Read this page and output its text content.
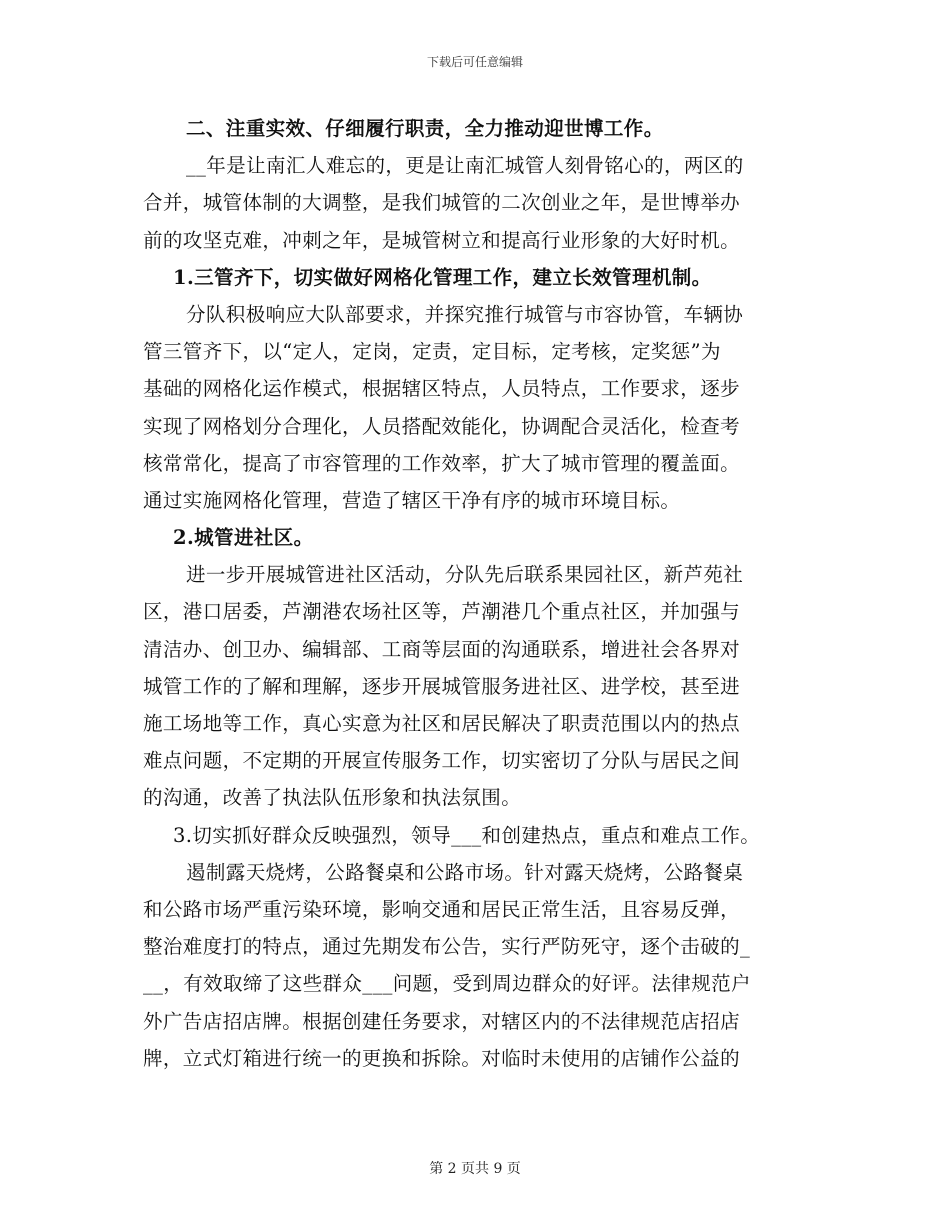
下载后可任意编辑
二、注重实效、仔细履行职责，全力推动迎世博工作。
__年是让南汇人难忘的，更是让南汇城管人刻骨铭心的，两区的
合并，城管体制的大调整，是我们城管的二次创业之年，是世博举办
前的攻坚克难，冲刺之年，是城管树立和提高行业形象的大好时机。
1.三管齐下，切实做好网格化管理工作，建立长效管理机制。
分队积极响应大队部要求，并探究推行城管与市容协管，车辆协
管三管齐下，以“定人，定岗，定责，定目标，定考核，定奖惩”为
基础的网格化运作模式，根据辖区特点，人员特点，工作要求，逐步
实现了网格划分合理化，人员搭配效能化，协调配合灵活化，检查考
核常常化，提高了市容管理的工作效率，扩大了城市管理的覆盖面。
通过实施网格化管理，营造了辖区干净有序的城市环境目标。
2.城管进社区。
进一步开展城管进社区活动，分队先后联系果园社区，新芦苑社
区，港口居委，芦潮港农场社区等，芦潮港几个重点社区，并加强与
清洁办、创卫办、编辑部、工商等层面的沟通联系，增进社会各界对
城管工作的了解和理解，逐步开展城管服务进社区、进学校，甚至进
施工场地等工作，真心实意为社区和居民解决了职责范围以内的热点
难点问题，不定期的开展宣传服务工作，切实密切了分队与居民之间
的沟通，改善了执法队伍形象和执法氛围。
3.切实抓好群众反映强烈，领导___和创建热点，重点和难点工作。
遏制露天烧烤，公路餐桌和公路市场。针对露天烧烤，公路餐桌
和公路市场严重污染环境，影响交通和居民正常生活，且容易反弹，
整治难度打的特点，通过先期发布公告，实行严防死守，逐个击破的_
__，有效取缔了这些群众___问题，受到周边群众的好评。法律规范户
外广告店招店牌。根据创建任务要求，对辖区内的不法律规范店招店
牌，立式灯箱进行统一的更换和拆除。对临时未使用的店铺作公益的
第 2 页共 9 页
